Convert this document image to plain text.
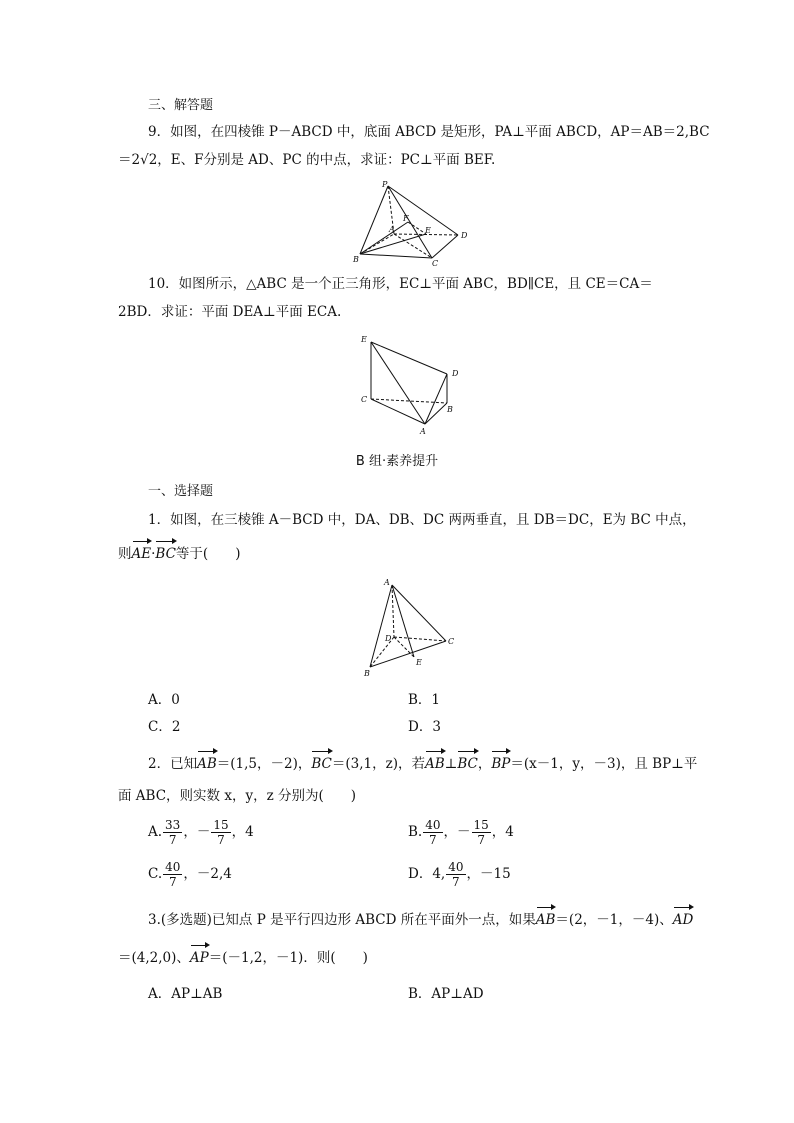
三、解答题
9．如图，在四棱锥 P－ABCD 中，底面 ABCD 是矩形，PA⊥平面 ABCD，AP＝AB＝2,BC
＝2√2，E、F分别是 AD、PC 的中点，求证：PC⊥平面 BEF.
P
A
F
E
D
B	C
10．如图所示，△ABC 是一个正三角形，EC⊥平面 ABC，BD∥CE，且 CE＝CA＝
2BD．求证：平面 DEA⊥平面 ECA.
E
D
C
B
A
B 组·素养提升
一、选择题
1．如图，在三棱锥 A－BCD 中，DA、DB、DC 两两垂直，且 DB＝DC，E为 BC 中点，
则AE·BC等于(　　)
A
D	C
E
B
A．0	B．1
C．2	D．3
2．已知AB＝(1,5，－2)，BC＝(3,1，z)，若AB⊥BC，BP＝(x－1，y，－3)，且 BP⊥平
面 ABC，则实数 x，y，z 分别为(　　)
A. $\frac{33}{7}$ ，－ $\frac{15}{7}$ ，4	B. $\frac{40}{7}$ ，－ $\frac{15}{7}$ ，4
C. $\frac{40}{7}$ ，－2,4	D．4, $\frac{40}{7}$ ，－15
3.(多选题)已知点 P 是平行四边形 ABCD 所在平面外一点，如果AB＝(2，－1，－4)、AD
＝(4,2,0)、AP＝(－1,2，－1)．则(　　)
A．AP⊥AB	B．AP⊥AD
